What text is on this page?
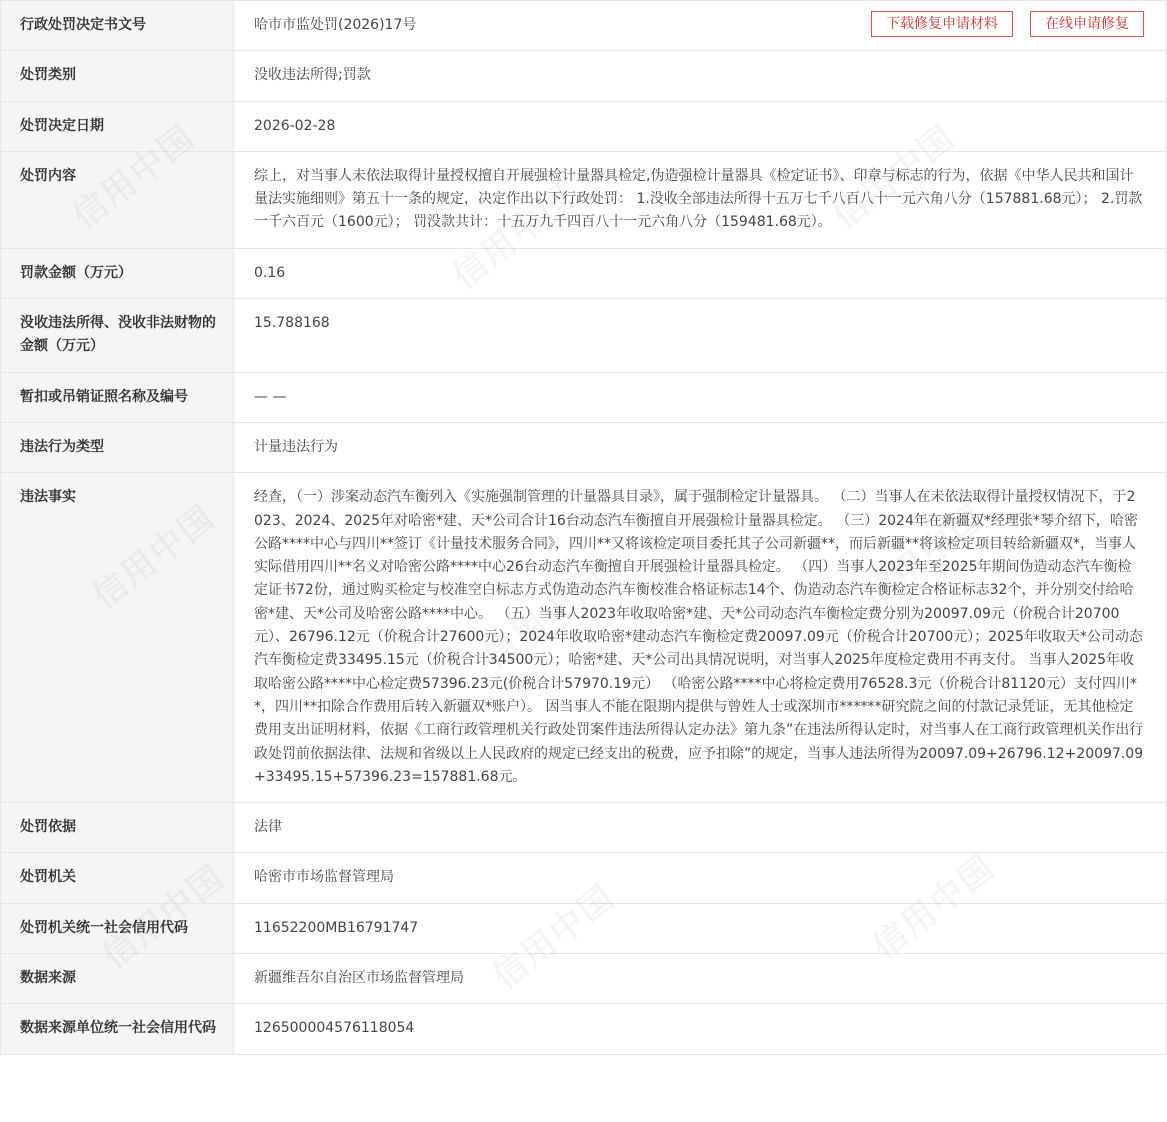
行政处罚决定书文号	哈市市监处罚(2026)17号 下载修复申请材料 在线申请修复

处罚类别	没收违法所得;罚款
处罚决定日期	2026-02-28
处罚内容	综上，对当事人未依法取得计量授权擅自开展强检计量器具检定,伪造强检计量器具《检定证书》、印章与标志的行为，依据《中华人民共和国计量法实施细则》第五十一条的规定，决定作出以下行政处罚： 1.没收全部违法所得十五万七千八百八十一元六角八分（157881.68元）； 2.罚款一千六百元（1600元）； 罚没款共计：十五万九千四百八十一元六角八分（159481.68元）。
罚款金额（万元）	0.16
没收违法所得、没收非法财物的金额（万元）	15.788168
暂扣或吊销证照名称及编号	— —
违法行为类型	计量违法行为
违法事实	经查，（一）涉案动态汽车衡列入《实施强制管理的计量器具目录》，属于强制检定计量器具。 （二）当事人在未依法取得计量授权情况下，于2023、2024、2025年对哈密*建、天*公司合计16台动态汽车衡擅自开展强检计量器具检定。 （三）2024年在新疆双*经理张*琴介绍下，哈密公路****中心与四川**签订《计量技术服务合同》，四川**又将该检定项目委托其子公司新疆**，而后新疆**将该检定项目转给新疆双*，当事人实际借用四川**名义对哈密公路****中心26台动态汽车衡擅自开展强检计量器具检定。 （四）当事人2023年至2025年期间伪造动态汽车衡检定证书72份，通过购买检定与校准空白标志方式伪造动态汽车衡校准合格证标志14个、伪造动态汽车衡检定合格证标志32个，并分别交付给哈密*建、天*公司及哈密公路****中心。 （五）当事人2023年收取哈密*建、天*公司动态汽车衡检定费分别为20097.09元（价税合计20700元）、26796.12元（价税合计27600元）；2024年收取哈密*建动态汽车衡检定费20097.09元（价税合计20700元）；2025年收取天*公司动态汽车衡检定费33495.15元（价税合计34500元）；哈密*建、天*公司出具情况说明，对当事人2025年度检定费用不再支付。 当事人2025年收取哈密公路****中心检定费57396.23元(价税合计57970.19元） （哈密公路****中心将检定费用76528.3元（价税合计81120元）支付四川**，四川**扣除合作费用后转入新疆双*账户）。 因当事人不能在限期内提供与曾姓人士或深圳市******研究院之间的付款记录凭证，无其他检定费用支出证明材料，依据《工商行政管理机关行政处罚案件违法所得认定办法》第九条”在违法所得认定时，对当事人在工商行政管理机关作出行政处罚前依据法律、法规和省级以上人民政府的规定已经支出的税费，应予扣除”的规定，当事人违法所得为20097.09+26796.12+20097.09+33495.15+57396.23=157881.68元。
处罚依据	法律
处罚机关	哈密市市场监督管理局
处罚机关统一社会信用代码	11652200MB16791747
数据来源	新疆维吾尔自治区市场监督管理局
数据来源单位统一社会信用代码	126500004576118054
